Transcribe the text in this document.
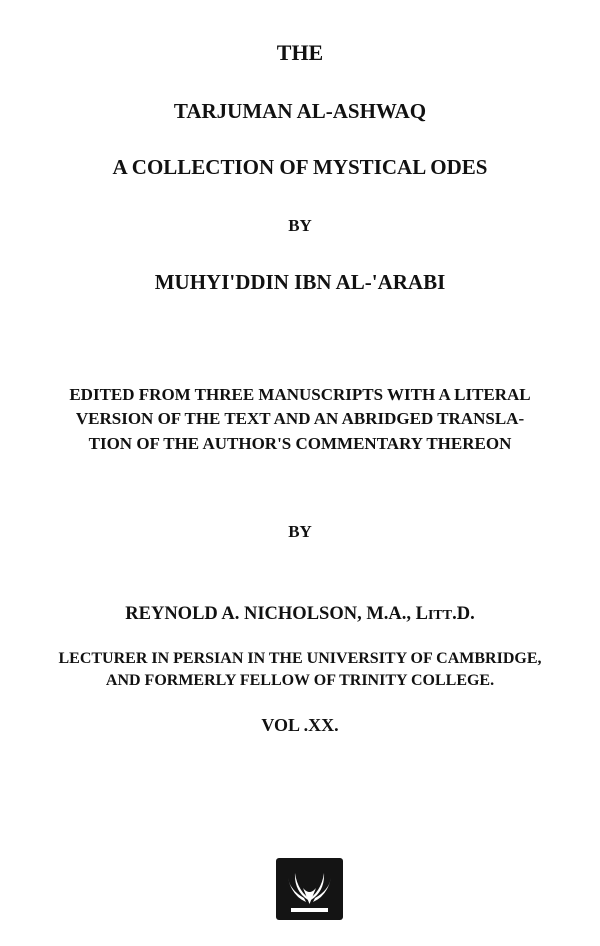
THE
TARJUMAN AL-ASHWAQ
A COLLECTION OF MYSTICAL ODES
BY
MUHYI'DDIN IBN AL-'ARABI
EDITED FROM THREE MANUSCRIPTS WITH A LITERAL
VERSION OF THE TEXT AND AN ABRIDGED TRANSLA-
TION OF THE AUTHOR'S COMMENTARY THEREON
BY
REYNOLD A. NICHOLSON, M.A., LITT.D.
LECTURER IN PERSIAN IN THE UNIVERSITY OF CAMBRIDGE,
AND FORMERLY FELLOW OF TRINITY COLLEGE.
VOL .XX.
